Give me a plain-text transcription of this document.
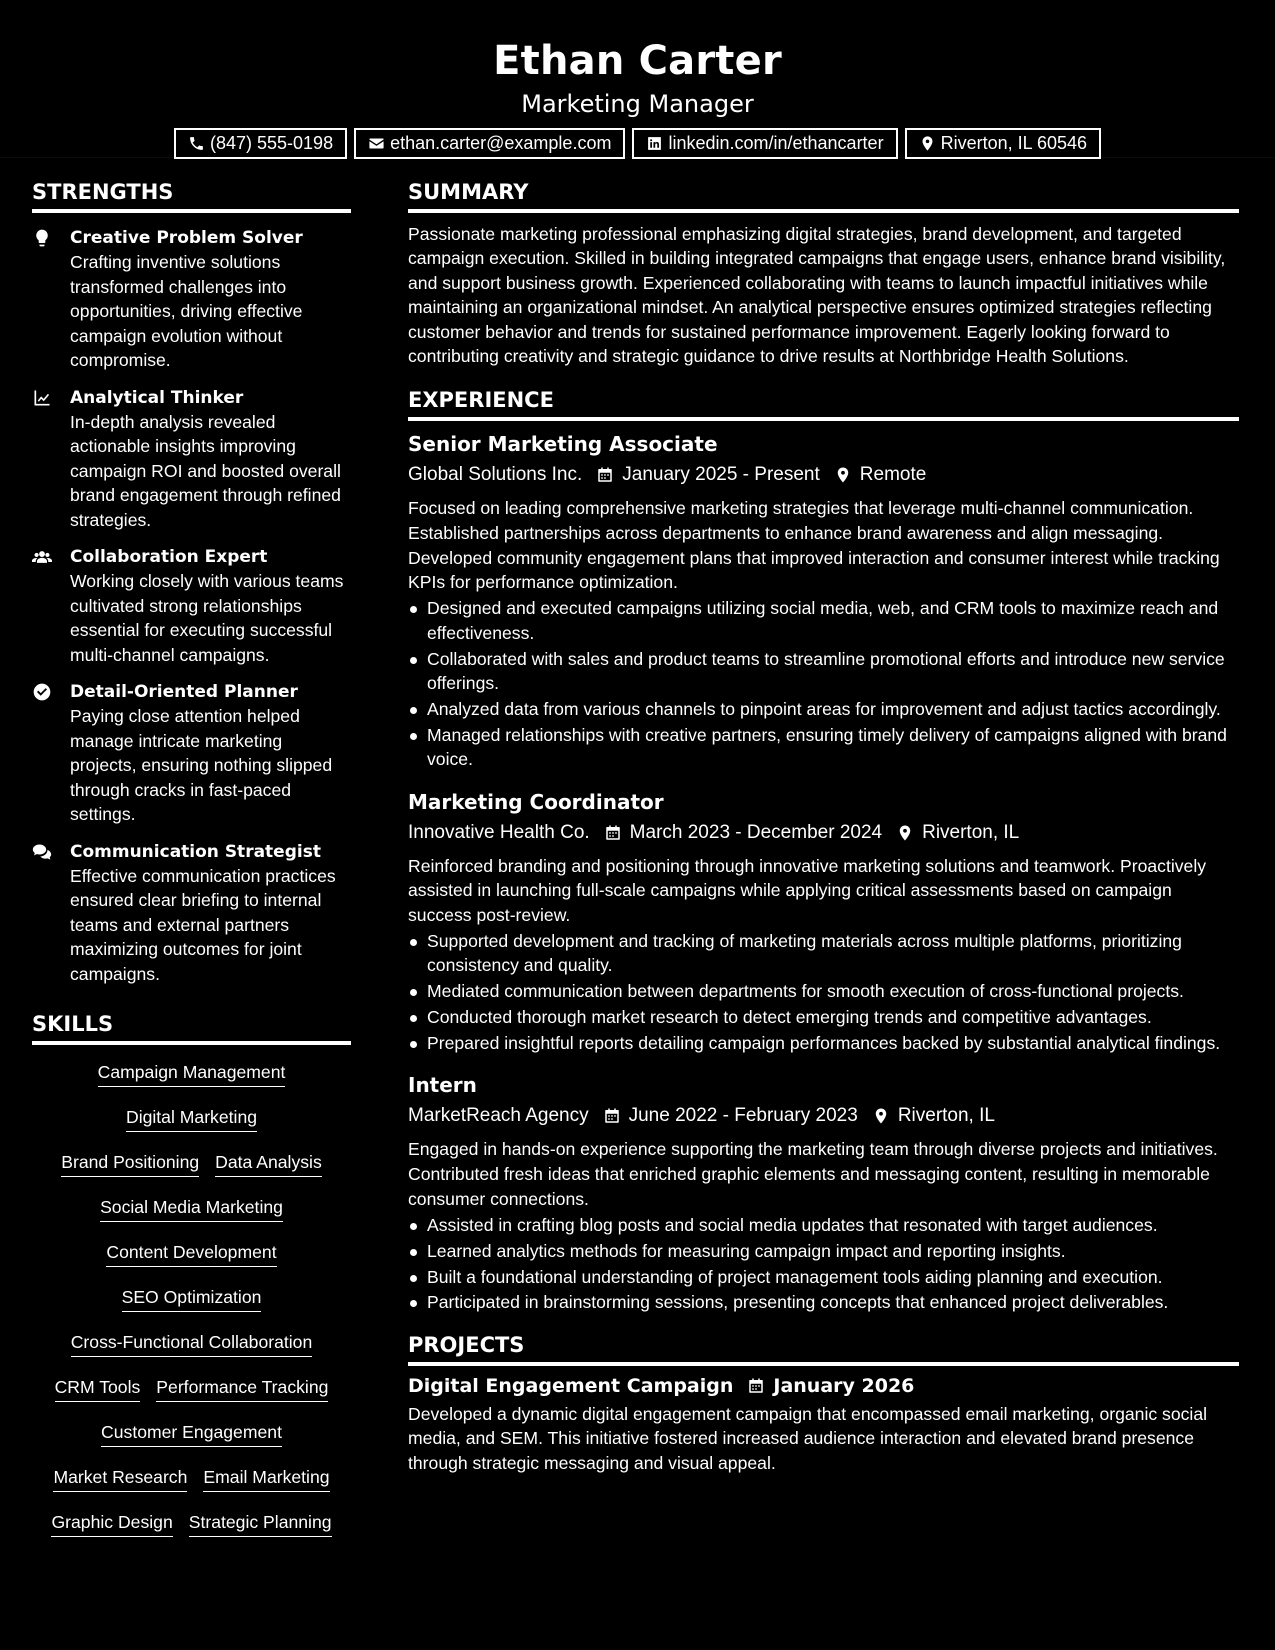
Ethan Carter
Marketing Manager
(847) 555-0198	ethan.carter@example.com	linkedin.com/in/ethancarter	Riverton, IL 60546
STRENGTHS
Creative Problem Solver
Crafting inventive solutions transformed challenges into opportunities, driving effective campaign evolution without compromise.
Analytical Thinker
In-depth analysis revealed actionable insights improving campaign ROI and boosted overall brand engagement through refined strategies.
Collaboration Expert
Working closely with various teams cultivated strong relationships essential for executing successful multi-channel campaigns.
Detail-Oriented Planner
Paying close attention helped manage intricate marketing projects, ensuring nothing slipped through cracks in fast-paced settings.
Communication Strategist
Effective communication practices ensured clear briefing to internal teams and external partners maximizing outcomes for joint campaigns.
SKILLS
Campaign Management
Digital Marketing
Brand Positioning Data Analysis
Social Media Marketing
Content Development
SEO Optimization
Cross-Functional Collaboration
CRM Tools Performance Tracking
Customer Engagement
Market Research Email Marketing
Graphic Design Strategic Planning
SUMMARY
Passionate marketing professional emphasizing digital strategies, brand development, and targeted campaign execution. Skilled in building integrated campaigns that engage users, enhance brand visibility, and support business growth. Experienced collaborating with teams to launch impactful initiatives while maintaining an organizational mindset. An analytical perspective ensures optimized strategies reflecting customer behavior and trends for sustained performance improvement. Eagerly looking forward to contributing creativity and strategic guidance to drive results at Northbridge Health Solutions.
EXPERIENCE
Senior Marketing Associate
Global Solutions Inc. January 2025 - Present Remote
Focused on leading comprehensive marketing strategies that leverage multi-channel communication. Established partnerships across departments to enhance brand awareness and align messaging. Developed community engagement plans that improved interaction and consumer interest while tracking KPIs for performance optimization.
Designed and executed campaigns utilizing social media, web, and CRM tools to maximize reach and effectiveness.
Collaborated with sales and product teams to streamline promotional efforts and introduce new service offerings.
Analyzed data from various channels to pinpoint areas for improvement and adjust tactics accordingly.
Managed relationships with creative partners, ensuring timely delivery of campaigns aligned with brand voice.
Marketing Coordinator
Innovative Health Co. March 2023 - December 2024 Riverton, IL
Reinforced branding and positioning through innovative marketing solutions and teamwork. Proactively assisted in launching full-scale campaigns while applying critical assessments based on campaign success post-review.
Supported development and tracking of marketing materials across multiple platforms, prioritizing consistency and quality.
Mediated communication between departments for smooth execution of cross-functional projects.
Conducted thorough market research to detect emerging trends and competitive advantages.
Prepared insightful reports detailing campaign performances backed by substantial analytical findings.
Intern
MarketReach Agency June 2022 - February 2023 Riverton, IL
Engaged in hands-on experience supporting the marketing team through diverse projects and initiatives. Contributed fresh ideas that enriched graphic elements and messaging content, resulting in memorable consumer connections.
Assisted in crafting blog posts and social media updates that resonated with target audiences.
Learned analytics methods for measuring campaign impact and reporting insights.
Built a foundational understanding of project management tools aiding planning and execution.
Participated in brainstorming sessions, presenting concepts that enhanced project deliverables.
PROJECTS
Digital Engagement Campaign January 2026
Developed a dynamic digital engagement campaign that encompassed email marketing, organic social media, and SEM. This initiative fostered increased audience interaction and elevated brand presence through strategic messaging and visual appeal.
